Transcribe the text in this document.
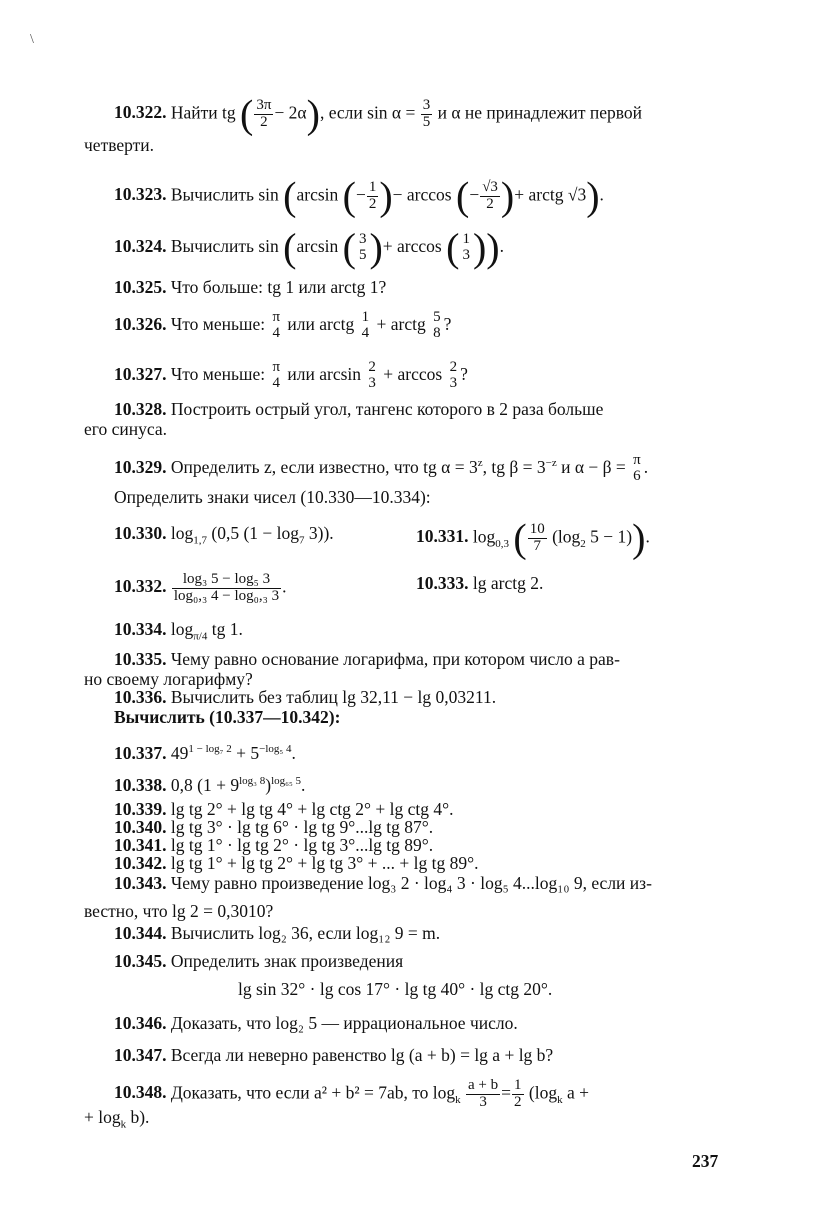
\
10.322. Найти tg ( $\frac{3\pi}{2} - 2\alpha$), если $\sin \alpha = \frac{3}{5}$ и α не принадлежит первой
четверти.
10.323. Вычислить sin (arcsin (− $\frac{1}{2}$ )− arccos (− $\frac{√3}{2}$ )+ arctg √3).
10.324. Вычислить sin (arcsin ( 3
5 )+ arccos ( 1
3 )).
10.325. Что больше: tg 1 или arctg 1?
10.326. Что меньше: π
4 или arctg 1
4 + arctg 5
8 ?
10.327. Что меньше: π
4 или arcsin 2
3 + arccos 2
3 ?
10.328. Построить острый угол, тангенс которого в 2 раза больше
его синуса.
10.329. Определить z, если известно, что tg $\alpha = 3^z$, tg $\beta = 3^{-z}$ и α − β = π
6 .
Определить знаки чисел (10.330—10.334):
10.330. $\log_{1,7} (0,5$ $(1 - \log_7 3)$).	10.331. $\log_{0,3}$ ( $\frac{10}{7} (\log_2$ 5 − 1)).
10.332. $\frac{\text{log₃ 5 − log₅ 3}}{\text{log₀,₃ 4 − log₀,₃ 3}}$ .	10.333. lg arctg 2.
10.334. $\log_{\pi/4}$ tg 1.
10.335. Чему равно основание логарифма, при котором число a рав-
но своему логарифму?
10.336. Вычислить без таблиц lg 32,11 − lg 0,03211.
Вычислить (10.337—10.342):
10.337. $49^{1 - log_7 2} + 5^{-log_5 4}$.
10.338. 0,8 $(1 + 9^{log_3 8})^{log_{65} 5}$.
10.339. lg tg 2° + lg tg 4° + lg ctg 2° + lg ctg 4°.
10.340. lg tg 3° · lg tg 6° · lg tg 9°...lg tg 87°.
10.341. lg tg 1° · lg tg 2° · lg tg 3°...lg tg 89°.
10.342. lg tg 1° + lg tg 2° + lg tg 3° + ... + lg tg 89°.
10.343. Чему равно произведение log₃ 2 · log₄ 3 · log₅ 4...log₁₀ 9, если из-
вестно, что lg 2 = 0,3010?
10.344. Вычислить log₂ 36, если log₁₂ 9 = m.
10.345. Определить знак произведения
lg sin 32° · lg cos 17° · lg tg 40° · lg ctg 20°.
10.346. Доказать, что log₂ 5 — иррациональное число.
10.347. Всегда ли неверно равенство lg (a + b) = lg a + lg b?
10.348. Доказать, что если a² + b² = 7ab, то $\log_k \frac{a + b}{3} = \frac{1}{2} (\log_k$ a +
+ $\log_k b$).
237
